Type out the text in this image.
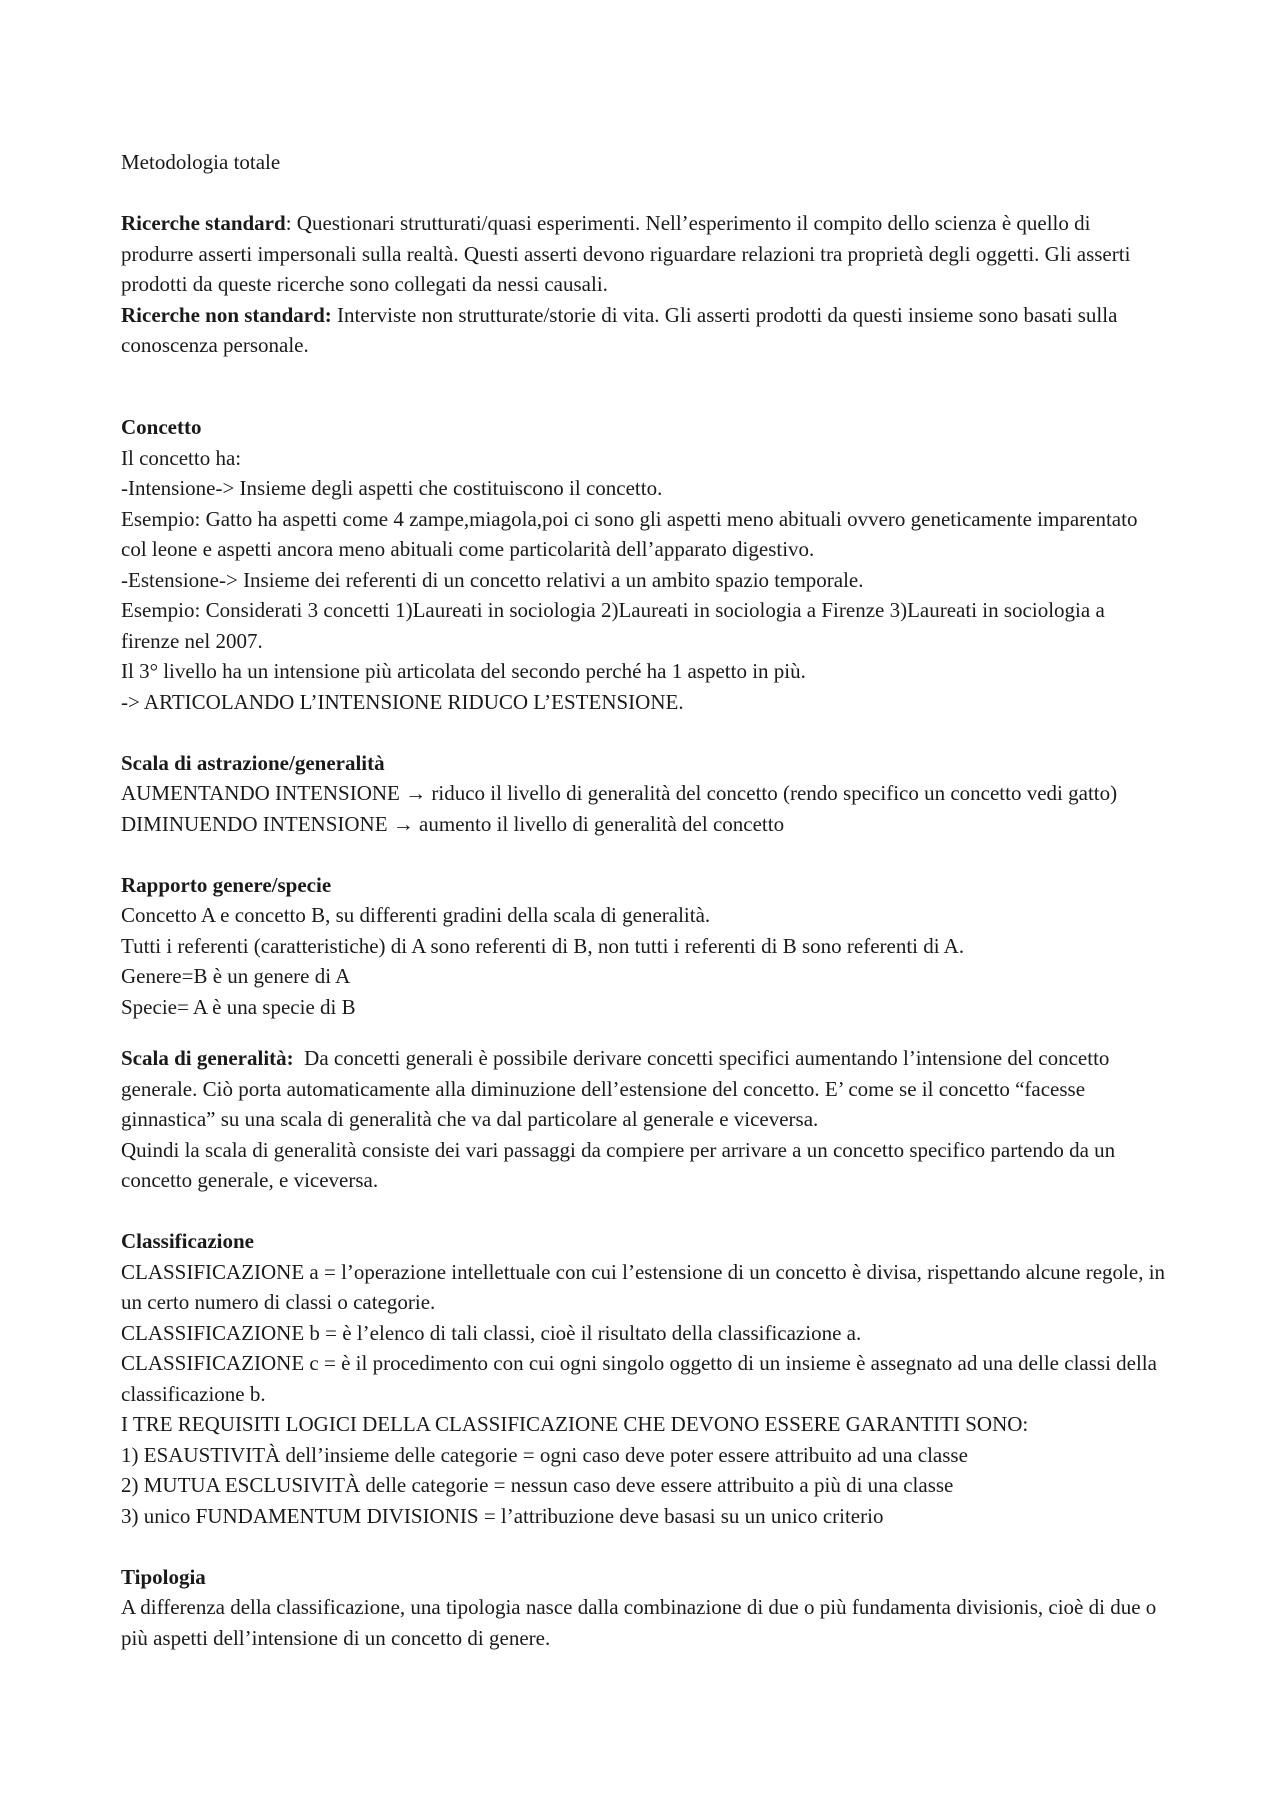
Metodologia totale

Ricerche standard: Questionari strutturati/quasi esperimenti. Nell’esperimento il compito dello scienza è quello di produrre asserti impersonali sulla realtà. Questi asserti devono riguardare relazioni tra proprietà degli oggetti. Gli asserti prodotti da queste ricerche sono collegati da nessi causali.

Ricerche non standard: Interviste non strutturate/storie di vita. Gli asserti prodotti da questi insieme sono basati sulla conoscenza personale.

Concetto

Il concetto ha:

-Intensione-> Insieme degli aspetti che costituiscono il concetto.

Esempio: Gatto ha aspetti come 4 zampe,miagola,poi ci sono gli aspetti meno abituali ovvero geneticamente imparentato col leone e aspetti ancora meno abituali come particolarità dell’apparato digestivo.

-Estensione-> Insieme dei referenti di un concetto relativi a un ambito spazio temporale.

Esempio: Considerati 3 concetti 1)Laureati in sociologia 2)Laureati in sociologia a Firenze 3)Laureati in sociologia a firenze nel 2007.

Il 3° livello ha un intensione più articolata del secondo perché ha 1 aspetto in più.

-> ARTICOLANDO L’INTENSIONE RIDUCO L’ESTENSIONE.

Scala di astrazione/generalità

AUMENTANDO INTENSIONE → riduco il livello di generalità del concetto (rendo specifico un concetto vedi gatto)

DIMINUENDO INTENSIONE → aumento il livello di generalità del concetto

Rapporto genere/specie

Concetto A e concetto B, su differenti gradini della scala di generalità.

Tutti i referenti (caratteristiche) di A sono referenti di B, non tutti i referenti di B sono referenti di A.

Genere=B è un genere di A

Specie= A è una specie di B

Scala di generalità:  Da concetti generali è possibile derivare concetti specifici aumentando l’intensione del concetto generale. Ciò porta automaticamente alla diminuzione dell’estensione del concetto. E’ come se il concetto “facesse ginnastica” su una scala di generalità che va dal particolare al generale e viceversa.

Quindi la scala di generalità consiste dei vari passaggi da compiere per arrivare a un concetto specifico partendo da un concetto generale, e viceversa.

Classificazione

CLASSIFICAZIONE a = l’operazione intellettuale con cui l’estensione di un concetto è divisa, rispettando alcune regole, in un certo numero di classi o categorie.

CLASSIFICAZIONE b = è l’elenco di tali classi, cioè il risultato della classificazione a.

CLASSIFICAZIONE c = è il procedimento con cui ogni singolo oggetto di un insieme è assegnato ad una delle classi della classificazione b.

I TRE REQUISITI LOGICI DELLA CLASSIFICAZIONE CHE DEVONO ESSERE GARANTITI SONO:

1) ESAUSTIVITÀ dell’insieme delle categorie = ogni caso deve poter essere attribuito ad una classe

2) MUTUA ESCLUSIVITÀ delle categorie = nessun caso deve essere attribuito a più di una classe

3) unico FUNDAMENTUM DIVISIONIS = l’attribuzione deve basasi su un unico criterio

Tipologia

A differenza della classificazione, una tipologia nasce dalla combinazione di due o più fundamenta divisionis, cioè di due o più aspetti dell’intensione di un concetto di genere.
